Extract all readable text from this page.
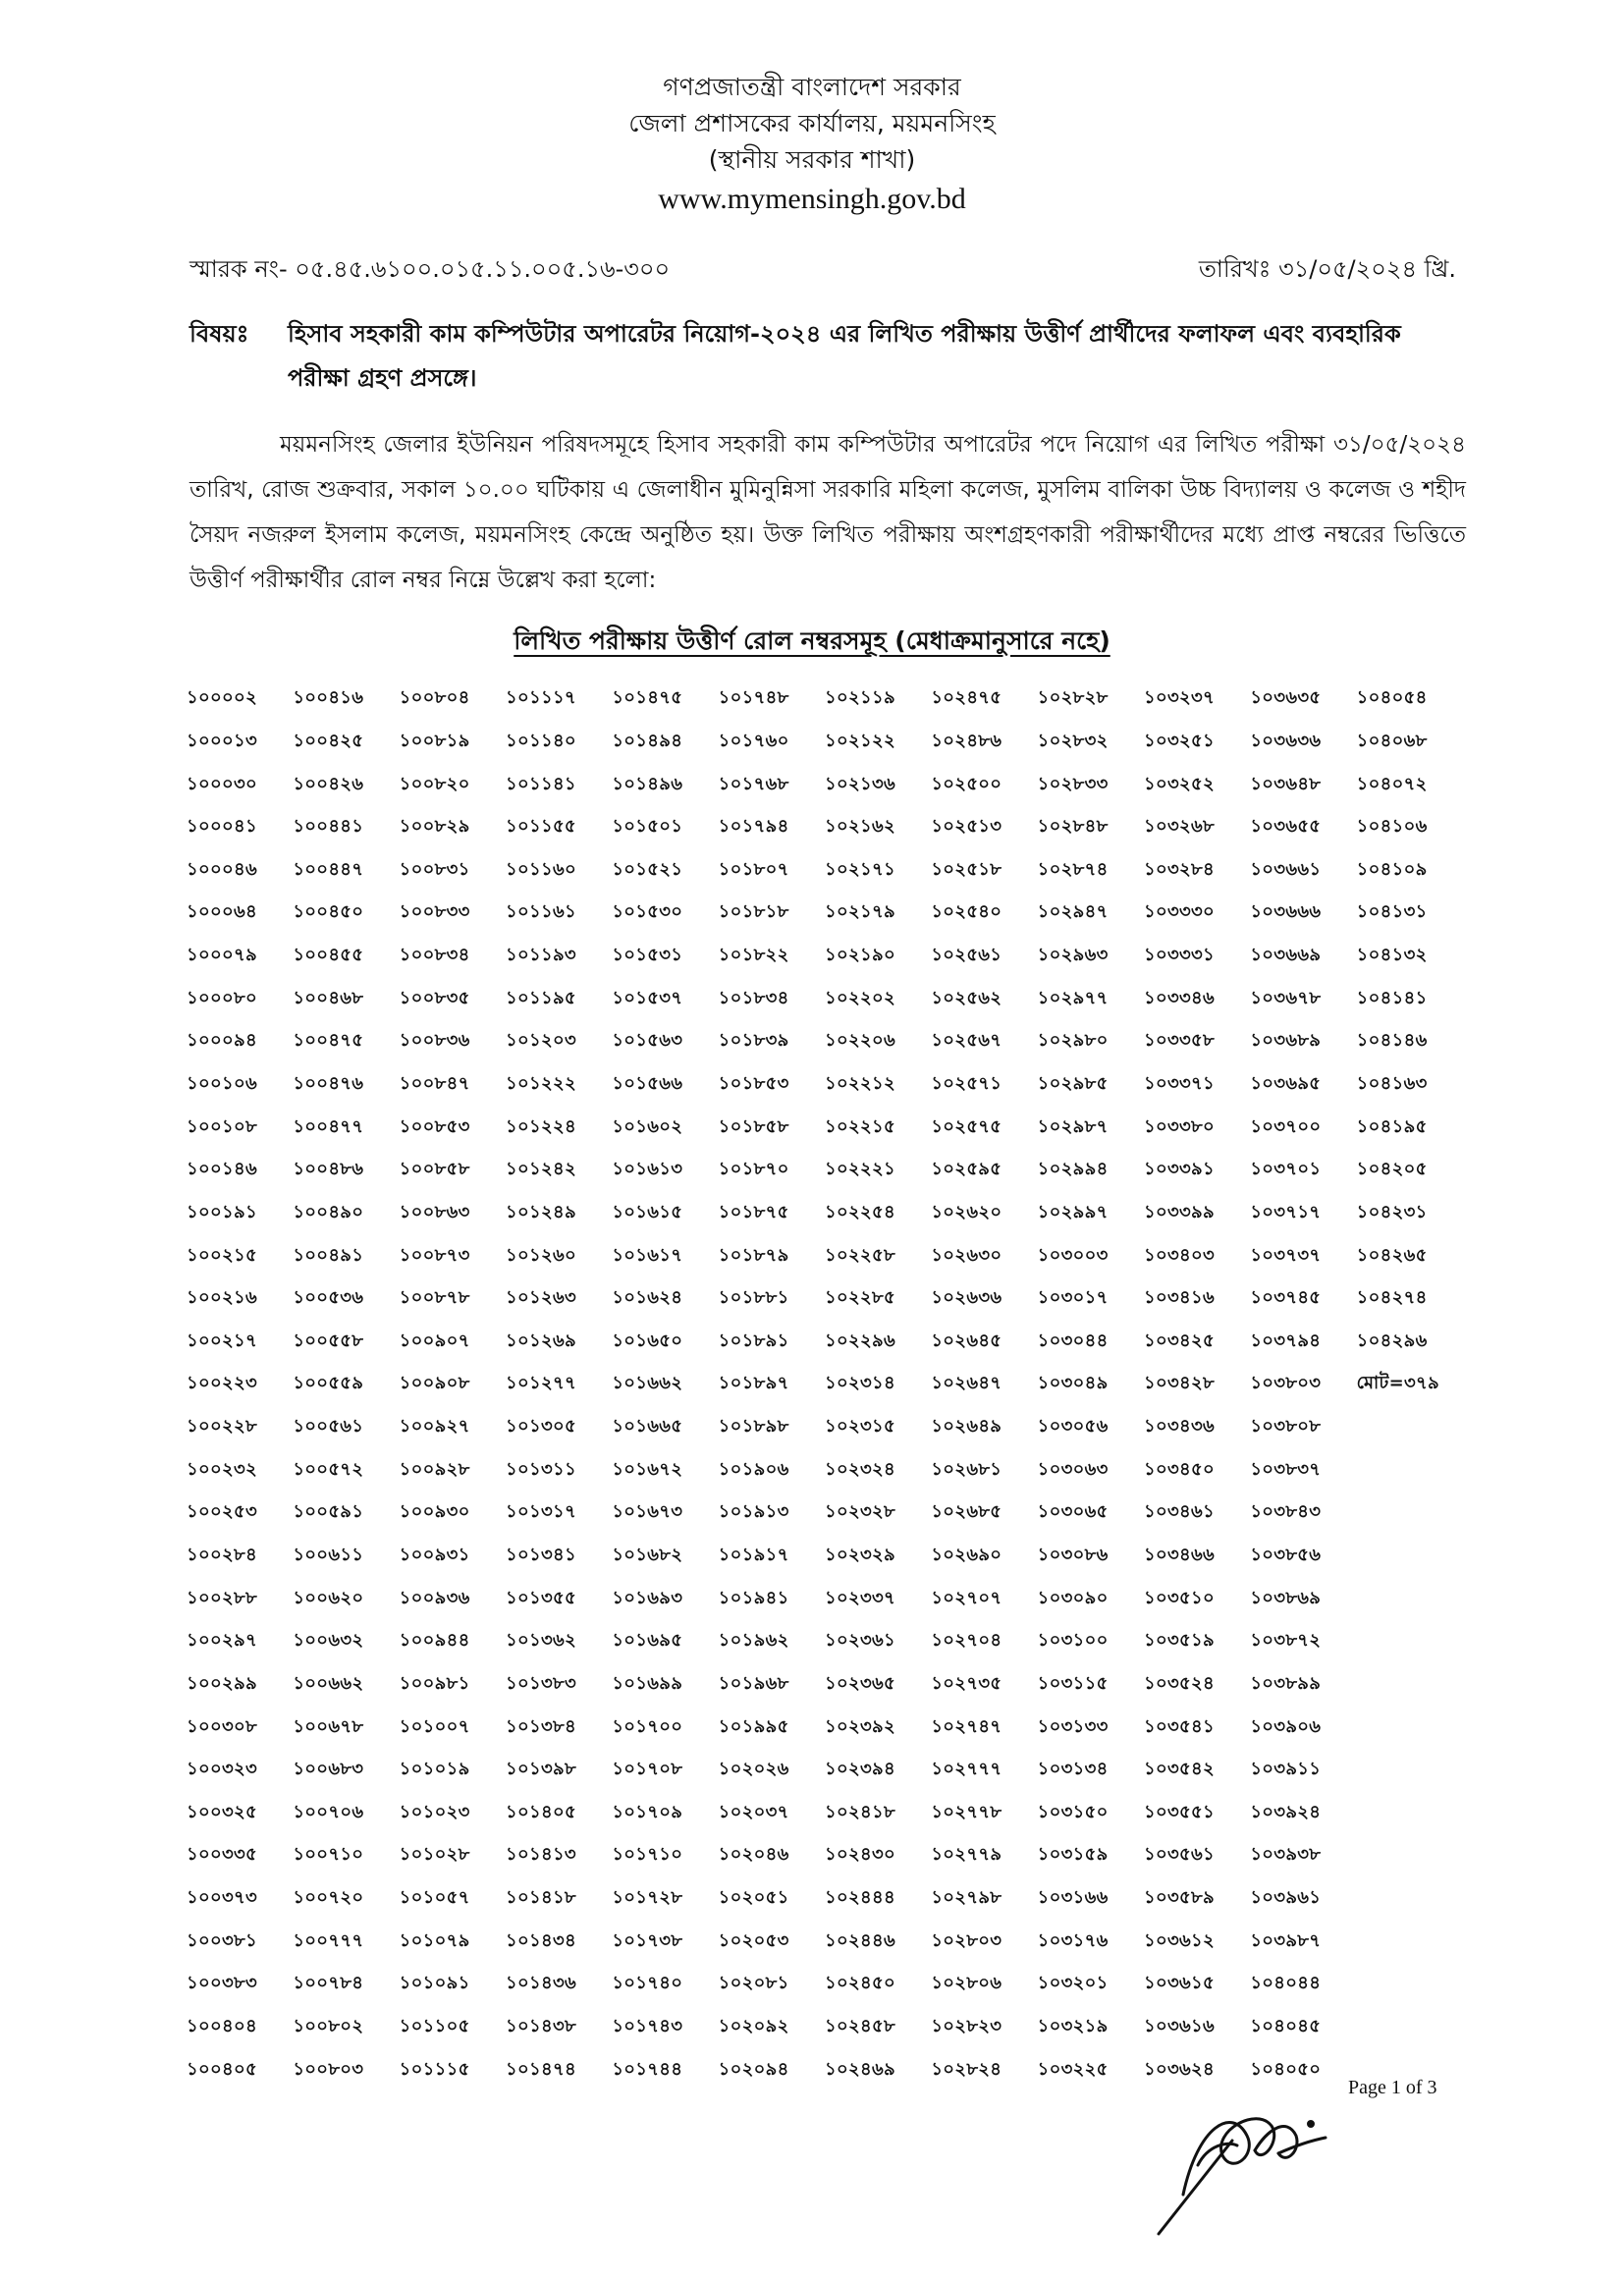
গণপ্রজাতন্ত্রী বাংলাদেশ সরকার
জেলা প্রশাসকের কার্যালয়, ময়মনসিংহ
(স্থানীয় সরকার শাখা)
www.mymensingh.gov.bd
স্মারক নং- ০৫.৪৫.৬১০০.০১৫.১১.০০৫.১৬-৩০০	তারিখঃ ৩১/০৫/২০২৪ খ্রি.
বিষয়ঃ হিসাব সহকারী কাম কম্পিউটার অপারেটর নিয়োগ-২০২৪ এর লিখিত পরীক্ষায় উত্তীর্ণ প্রার্থীদের ফলাফল এবং ব্যবহারিক পরীক্ষা গ্রহণ প্রসঙ্গে।
ময়মনসিংহ জেলার ইউনিয়ন পরিষদসমূহে হিসাব সহকারী কাম কম্পিউটার অপারেটর পদে নিয়োগ এর লিখিত পরীক্ষা ৩১/০৫/২০২৪ তারিখ, রোজ শুক্রবার, সকাল ১০.০০ ঘটিকায় এ জেলাধীন মুমিনুন্নিসা সরকারি মহিলা কলেজ, মুসলিম বালিকা উচ্চ বিদ্যালয় ও কলেজ ও শহীদ সৈয়দ নজরুল ইসলাম কলেজ, ময়মনসিংহ কেন্দ্রে অনুষ্ঠিত হয়। উক্ত লিখিত পরীক্ষায় অংশগ্রহণকারী পরীক্ষার্থীদের মধ্যে প্রাপ্ত নম্বরের ভিত্তিতে উত্তীর্ণ পরীক্ষার্থীর রোল নম্বর নিম্নে উল্লেখ করা হলো:
লিখিত পরীক্ষায় উত্তীর্ণ রোল নম্বরসমূহ (মেধাক্রমানুসারে নহে)
১০০০০২
১০০০১৩
১০০০৩০
১০০০৪১
১০০০৪৬
১০০০৬৪
১০০০৭৯
১০০০৮০
১০০০৯৪
১০০১০৬
১০০১০৮
১০০১৪৬
১০০১৯১
১০০২১৫
১০০২১৬
১০০২১৭
১০০২২৩
১০০২২৮
১০০২৩২
১০০২৫৩
১০০২৮৪
১০০২৮৮
১০০২৯৭
১০০২৯৯
১০০৩০৮
১০০৩২৩
১০০৩২৫
১০০৩৩৫
১০০৩৭৩
১০০৩৮১
১০০৩৮৩
১০০৪০৪
১০০৪০৫
১০০৪১৬
১০০৪২৫
১০০৪২৬
১০০৪৪১
১০০৪৪৭
১০০৪৫০
১০০৪৫৫
১০০৪৬৮
১০০৪৭৫
১০০৪৭৬
১০০৪৭৭
১০০৪৮৬
১০০৪৯০
১০০৪৯১
১০০৫৩৬
১০০৫৫৮
১০০৫৫৯
১০০৫৬১
১০০৫৭২
১০০৫৯১
১০০৬১১
১০০৬২০
১০০৬৩২
১০০৬৬২
১০০৬৭৮
১০০৬৮৩
১০০৭০৬
১০০৭১০
১০০৭২০
১০০৭৭৭
১০০৭৮৪
১০০৮০২
১০০৮০৩
১০০৮০৪
১০০৮১৯
১০০৮২০
১০০৮২৯
১০০৮৩১
১০০৮৩৩
১০০৮৩৪
১০০৮৩৫
১০০৮৩৬
১০০৮৪৭
১০০৮৫৩
১০০৮৫৮
১০০৮৬৩
১০০৮৭৩
১০০৮৭৮
১০০৯০৭
১০০৯০৮
১০০৯২৭
১০০৯২৮
১০০৯৩০
১০০৯৩১
১০০৯৩৬
১০০৯৪৪
১০০৯৮১
১০১০০৭
১০১০১৯
১০১০২৩
১০১০২৮
১০১০৫৭
১০১০৭৯
১০১০৯১
১০১১০৫
১০১১১৫
১০১১১৭
১০১১৪০
১০১১৪১
১০১১৫৫
১০১১৬০
১০১১৬১
১০১১৯৩
১০১১৯৫
১০১২০৩
১০১২২২
১০১২২৪
১০১২৪২
১০১২৪৯
১০১২৬০
১০১২৬৩
১০১২৬৯
১০১২৭৭
১০১৩০৫
১০১৩১১
১০১৩১৭
১০১৩৪১
১০১৩৫৫
১০১৩৬২
১০১৩৮৩
১০১৩৮৪
১০১৩৯৮
১০১৪০৫
১০১৪১৩
১০১৪১৮
১০১৪৩৪
১০১৪৩৬
১০১৪৩৮
১০১৪৭৪
১০১৪৭৫
১০১৪৯৪
১০১৪৯৬
১০১৫০১
১০১৫২১
১০১৫৩০
১০১৫৩১
১০১৫৩৭
১০১৫৬৩
১০১৫৬৬
১০১৬০২
১০১৬১৩
১০১৬১৫
১০১৬১৭
১০১৬২৪
১০১৬৫০
১০১৬৬২
১০১৬৬৫
১০১৬৭২
১০১৬৭৩
১০১৬৮২
১০১৬৯৩
১০১৬৯৫
১০১৬৯৯
১০১৭০০
১০১৭০৮
১০১৭০৯
১০১৭১০
১০১৭২৮
১০১৭৩৮
১০১৭৪০
১০১৭৪৩
১০১৭৪৪
১০১৭৪৮
১০১৭৬০
১০১৭৬৮
১০১৭৯৪
১০১৮০৭
১০১৮১৮
১০১৮২২
১০১৮৩৪
১০১৮৩৯
১০১৮৫৩
১০১৮৫৮
১০১৮৭০
১০১৮৭৫
১০১৮৭৯
১০১৮৮১
১০১৮৯১
১০১৮৯৭
১০১৮৯৮
১০১৯০৬
১০১৯১৩
১০১৯১৭
১০১৯৪১
১০১৯৬২
১০১৯৬৮
১০১৯৯৫
১০২০২৬
১০২০৩৭
১০২০৪৬
১০২০৫১
১০২০৫৩
১০২০৮১
১০২০৯২
১০২০৯৪
১০২১১৯
১০২১২২
১০২১৩৬
১০২১৬২
১০২১৭১
১০২১৭৯
১০২১৯০
১০২২০২
১০২২০৬
১০২২১২
১০২২১৫
১০২২২১
১০২২৫৪
১০২২৫৮
১০২২৮৫
১০২২৯৬
১০২৩১৪
১০২৩১৫
১০২৩২৪
১০২৩২৮
১০২৩২৯
১০২৩৩৭
১০২৩৬১
১০২৩৬৫
১০২৩৯২
১০২৩৯৪
১০২৪১৮
১০২৪৩০
১০২৪৪৪
১০২৪৪৬
১০২৪৫০
১০২৪৫৮
১০২৪৬৯
১০২৪৭৫
১০২৪৮৬
১০২৫০০
১০২৫১৩
১০২৫১৮
১০২৫৪০
১০২৫৬১
১০২৫৬২
১০২৫৬৭
১০২৫৭১
১০২৫৭৫
১০২৫৯৫
১০২৬২০
১০২৬৩০
১০২৬৩৬
১০২৬৪৫
১০২৬৪৭
১০২৬৪৯
১০২৬৮১
১০২৬৮৫
১০২৬৯০
১০২৭০৭
১০২৭০৪
১০২৭৩৫
১০২৭৪৭
১০২৭৭৭
১০২৭৭৮
১০২৭৭৯
১০২৭৯৮
১০২৮০৩
১০২৮০৬
১০২৮২৩
১০২৮২৪
১০২৮২৮
১০২৮৩২
১০২৮৩৩
১০২৮৪৮
১০২৮৭৪
১০২৯৪৭
১০২৯৬৩
১০২৯৭৭
১০২৯৮০
১০২৯৮৫
১০২৯৮৭
১০২৯৯৪
১০২৯৯৭
১০৩০০৩
১০৩০১৭
১০৩০৪৪
১০৩০৪৯
১০৩০৫৬
১০৩০৬৩
১০৩০৬৫
১০৩০৮৬
১০৩০৯০
১০৩১০০
১০৩১১৫
১০৩১৩৩
১০৩১৩৪
১০৩১৫০
১০৩১৫৯
১০৩১৬৬
১০৩১৭৬
১০৩২০১
১০৩২১৯
১০৩২২৫
১০৩২৩৭
১০৩২৫১
১০৩২৫২
১০৩২৬৮
১০৩২৮৪
১০৩৩৩০
১০৩৩৩১
১০৩৩৪৬
১০৩৩৫৮
১০৩৩৭১
১০৩৩৮০
১০৩৩৯১
১০৩৩৯৯
১০৩৪০৩
১০৩৪১৬
১০৩৪২৫
১০৩৪২৮
১০৩৪৩৬
১০৩৪৫০
১০৩৪৬১
১০৩৪৬৬
১০৩৫১০
১০৩৫১৯
১০৩৫২৪
১০৩৫৪১
১০৩৫৪২
১০৩৫৫১
১০৩৫৬১
১০৩৫৮৯
১০৩৬১২
১০৩৬১৫
১০৩৬১৬
১০৩৬২৪
১০৩৬৩৫
১০৩৬৩৬
১০৩৬৪৮
১০৩৬৫৫
১০৩৬৬১
১০৩৬৬৬
১০৩৬৬৯
১০৩৬৭৮
১০৩৬৮৯
১০৩৬৯৫
১০৩৭০০
১০৩৭০১
১০৩৭১৭
১০৩৭৩৭
১০৩৭৪৫
১০৩৭৯৪
১০৩৮০৩
১০৩৮০৮
১০৩৮৩৭
১০৩৮৪৩
১০৩৮৫৬
১০৩৮৬৯
১০৩৮৭২
১০৩৮৯৯
১০৩৯০৬
১০৩৯১১
১০৩৯২৪
১০৩৯৩৮
১০৩৯৬১
১০৩৯৮৭
১০৪০৪৪
১০৪০৪৫
১০৪০৫০
১০৪০৫৪
১০৪০৬৮
১০৪০৭২
১০৪১০৬
১০৪১০৯
১০৪১৩১
১০৪১৩২
১০৪১৪১
১০৪১৪৬
১০৪১৬৩
১০৪১৯৫
১০৪২০৫
১০৪২৩১
১০৪২৬৫
১০৪২৭৪
১০৪২৯৬
মোট=৩৭৯
Page 1 of 3
